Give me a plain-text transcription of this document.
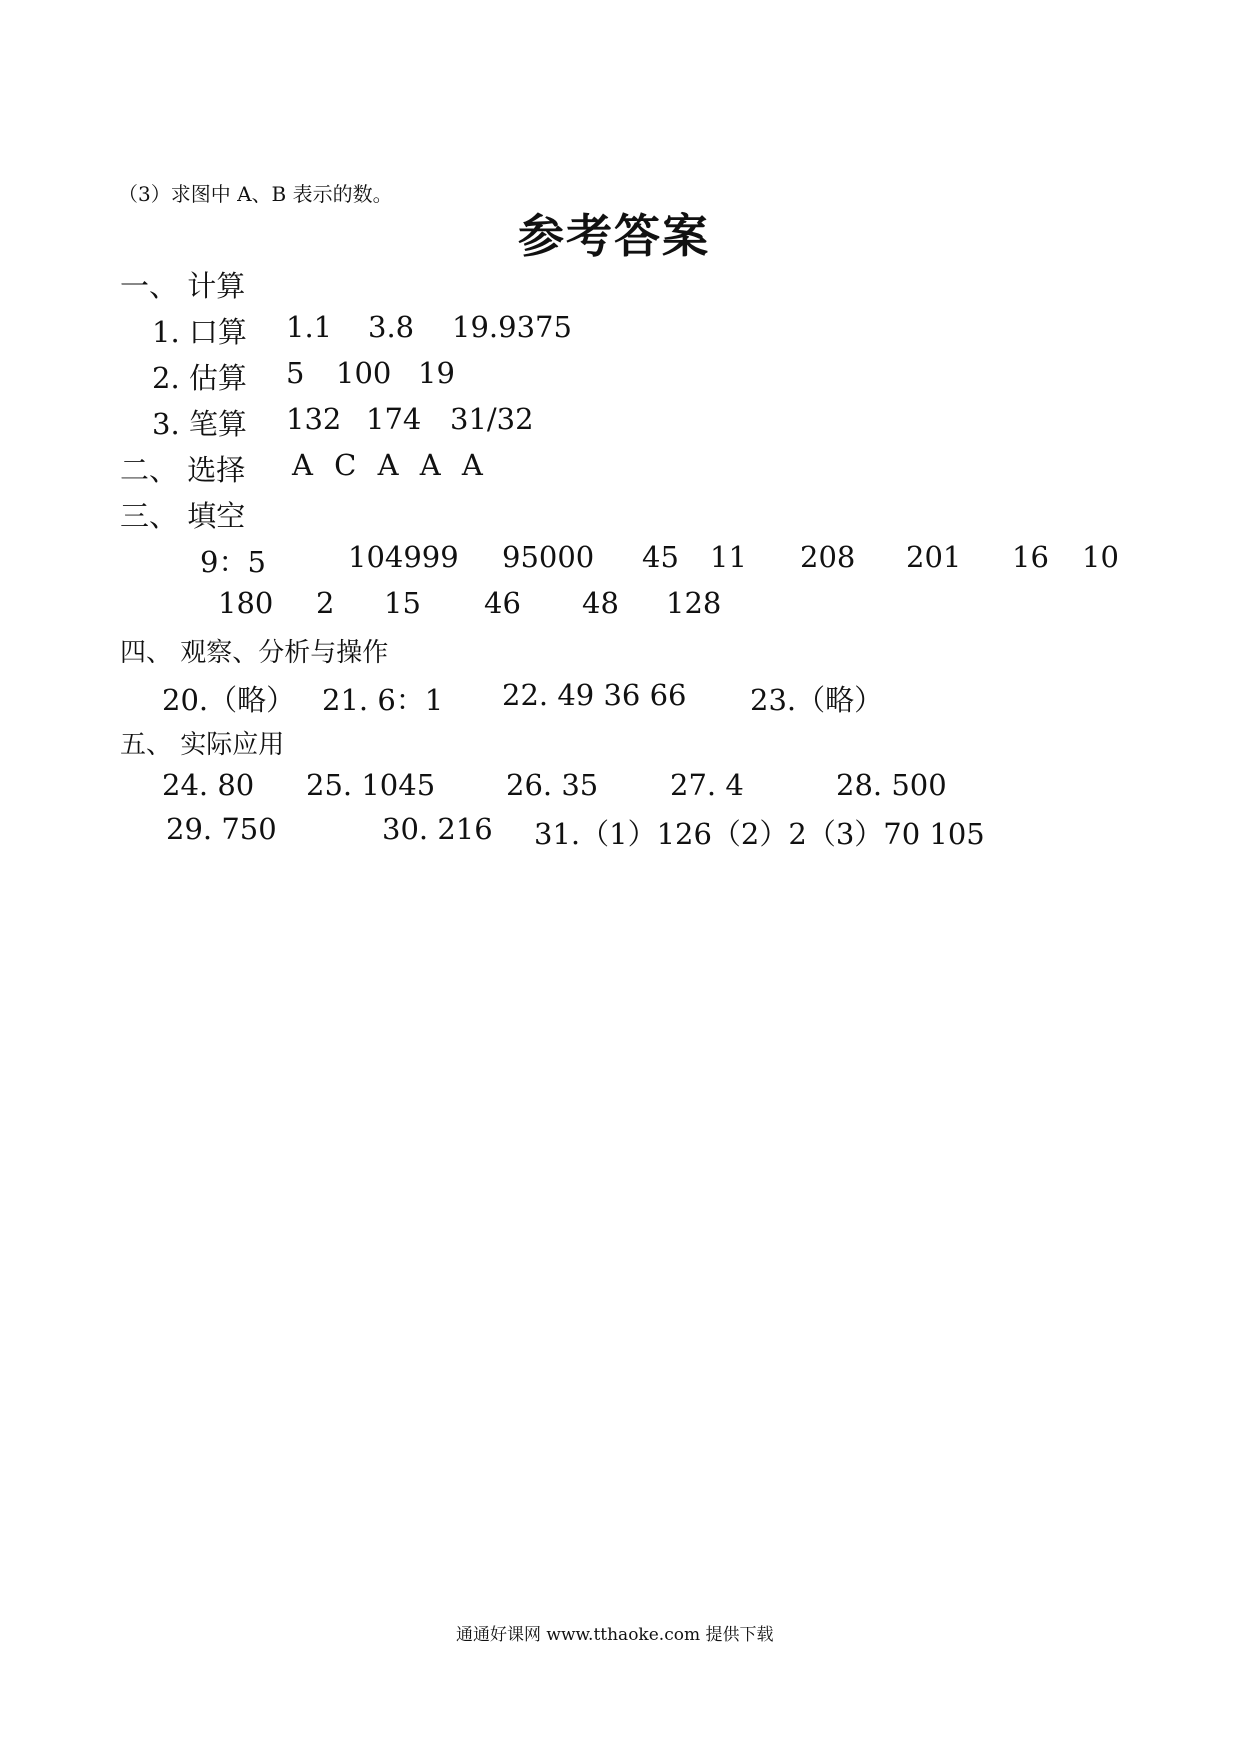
（3）求图中 A、B 表示的数。
参考答案
一、 计算
1. 口算 1.1 3.8 19.9375
2. 估算 5 100 19
3. 笔算 132 174 31/32
二、 选择 A C A A A
三、 填空
9：5	104999 95000 45 11 208 201 16 10
180 2 15 46 48 128
四、 观察、分析与操作
20.（略） 21. 6：1 22. 49 36 66 23.（略）
五、 实际应用
24. 80 25. 1045 26. 35 27. 4	28. 500
29. 750	30. 216 31.（1）126（2）2（3）70 105
通通好课网 www.tthaoke.com 提供下载
